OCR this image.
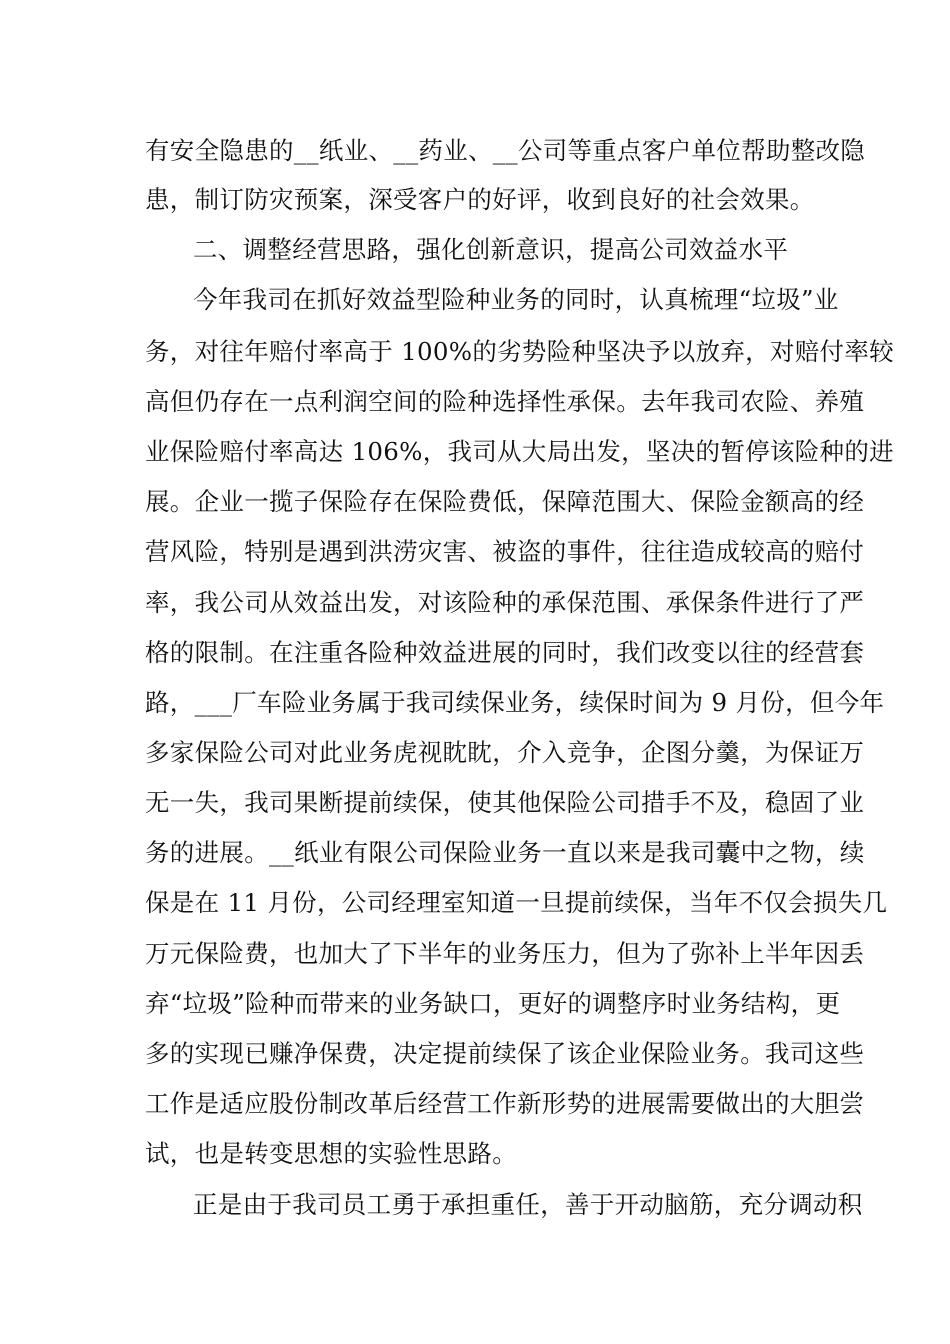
有安全隐患的__纸业、__药业、__公司等重点客户单位帮助整改隐
患，制订防灾预案，深受客户的好评，收到良好的社会效果。
二、调整经营思路，强化创新意识，提高公司效益水平
今年我司在抓好效益型险种业务的同时，认真梳理“垃圾”业
务，对往年赔付率高于 100%的劣势险种坚决予以放弃，对赔付率较
高但仍存在一点利润空间的险种选择性承保。去年我司农险、养殖
业保险赔付率高达 106%，我司从大局出发，坚决的暂停该险种的进
展。企业一揽子保险存在保险费低，保障范围大、保险金额高的经
营风险，特别是遇到洪涝灾害、被盗的事件，往往造成较高的赔付
率，我公司从效益出发，对该险种的承保范围、承保条件进行了严
格的限制。在注重各险种效益进展的同时，我们改变以往的经营套
路，___厂车险业务属于我司续保业务，续保时间为 9 月份，但今年
多家保险公司对此业务虎视眈眈，介入竞争，企图分羹，为保证万
无一失，我司果断提前续保，使其他保险公司措手不及，稳固了业
务的进展。__纸业有限公司保险业务一直以来是我司囊中之物，续
保是在 11 月份，公司经理室知道一旦提前续保，当年不仅会损失几
万元保险费，也加大了下半年的业务压力，但为了弥补上半年因丢
弃“垃圾”险种而带来的业务缺口，更好的调整序时业务结构，更
多的实现已赚净保费，决定提前续保了该企业保险业务。我司这些
工作是适应股份制改革后经营工作新形势的进展需要做出的大胆尝
试，也是转变思想的实验性思路。
正是由于我司员工勇于承担重任，善于开动脑筋，充分调动积
